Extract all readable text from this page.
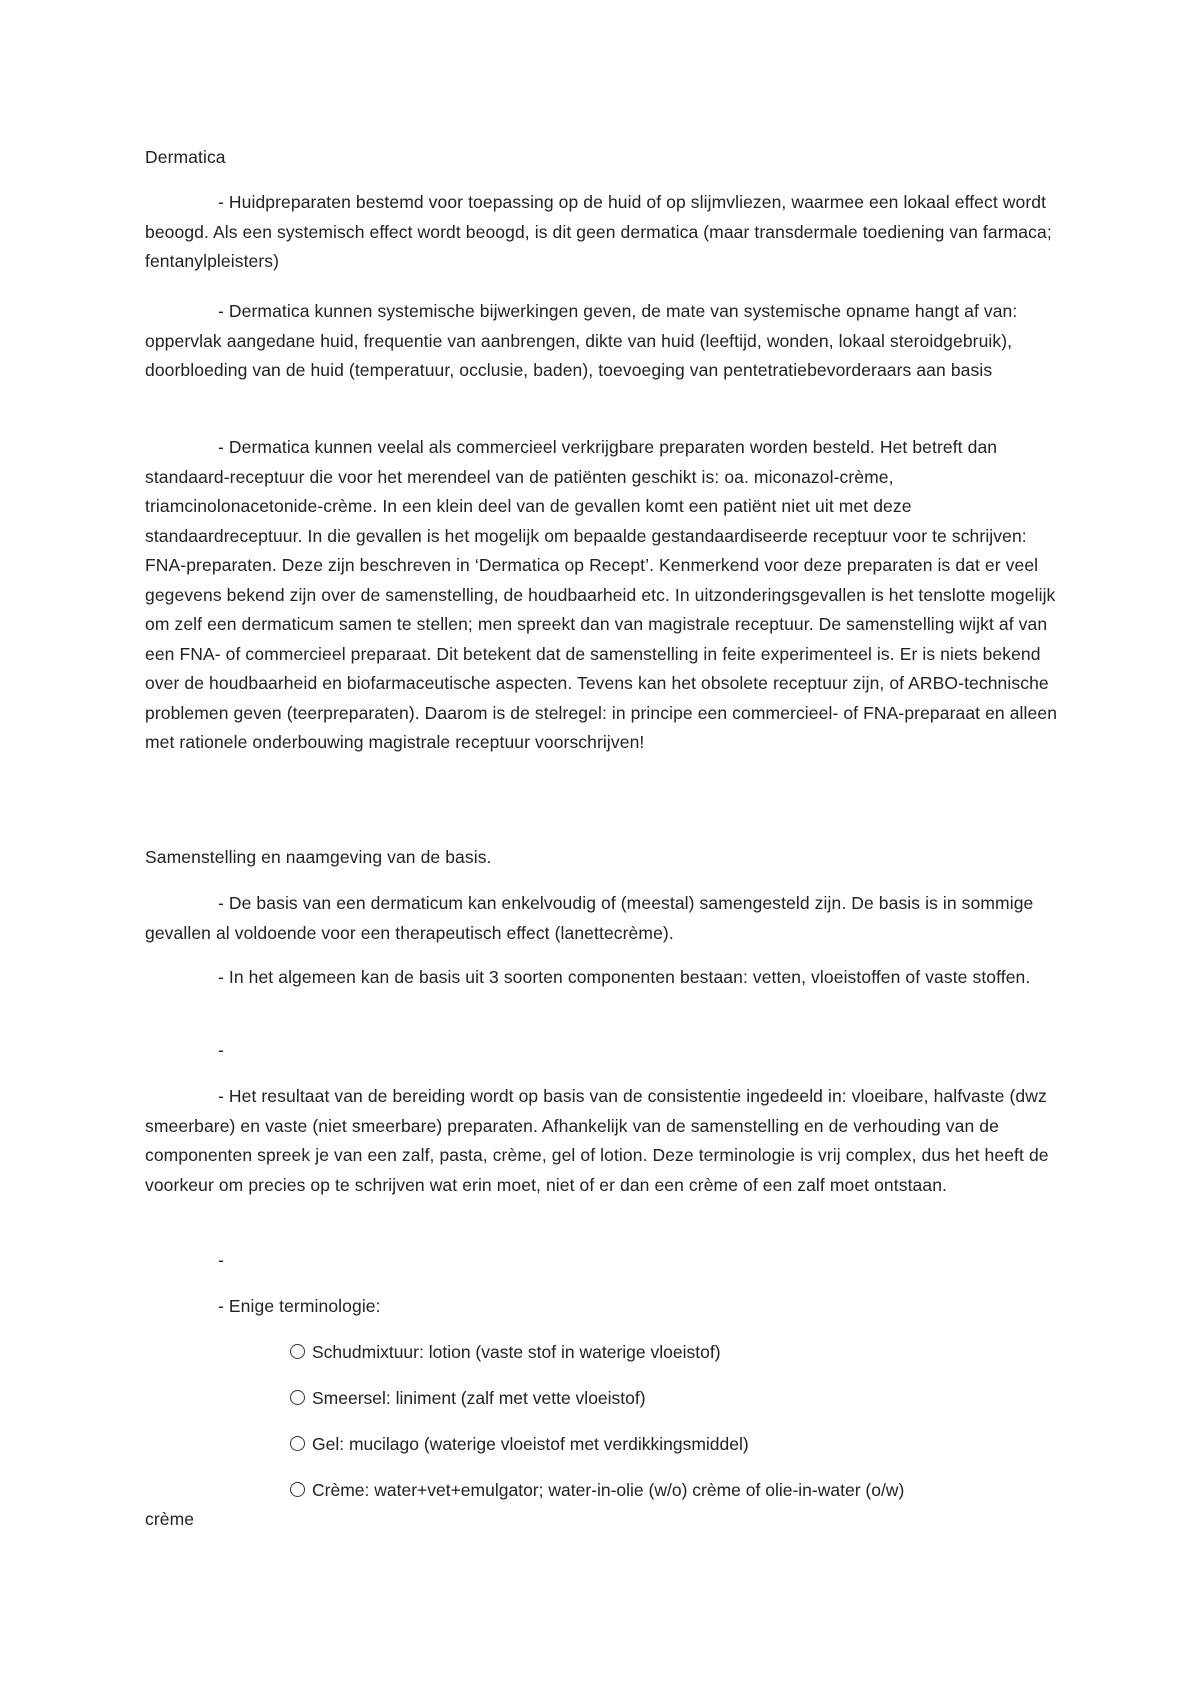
Dermatica

- Huidpreparaten bestemd voor toepassing op de huid of op slijmvliezen, waarmee een lokaal effect wordt beoogd. Als een systemisch effect wordt beoogd, is dit geen dermatica (maar transdermale toediening van farmaca; fentanylpleisters)

- Dermatica kunnen systemische bijwerkingen geven, de mate van systemische opname hangt af van: oppervlak aangedane huid, frequentie van aanbrengen, dikte van huid (leeftijd, wonden, lokaal steroidgebruik), doorbloeding van de huid (temperatuur, occlusie, baden), toevoeging van pentetratiebevorderaars aan basis

- Dermatica kunnen veelal als commercieel verkrijgbare preparaten worden besteld. Het betreft dan standaard-receptuur die voor het merendeel van de patiënten geschikt is: oa. miconazol-crème, triamcinolonacetonide-crème. In een klein deel van de gevallen komt een patiënt niet uit met deze standaardreceptuur. In die gevallen is het mogelijk om bepaalde gestandaardiseerde receptuur voor te schrijven: FNA-preparaten. Deze zijn beschreven in ‘Dermatica op Recept’. Kenmerkend voor deze preparaten is dat er veel gegevens bekend zijn over de samenstelling, de houdbaarheid etc. In uitzonderingsgevallen is het tenslotte mogelijk om zelf een dermaticum samen te stellen; men spreekt dan van magistrale receptuur. De samenstelling wijkt af van een FNA- of commercieel preparaat. Dit betekent dat de samenstelling in feite experimenteel is. Er is niets bekend over de houdbaarheid en biofarmaceutische aspecten. Tevens kan het obsolete receptuur zijn, of ARBO-technische problemen geven (teerpreparaten). Daarom is de stelregel: in principe een commercieel- of FNA-preparaat en alleen met rationele onderbouwing magistrale receptuur voorschrijven!

Samenstelling en naamgeving van de basis.

- De basis van een dermaticum kan enkelvoudig of (meestal) samengesteld zijn. De basis is in sommige gevallen al voldoende voor een therapeutisch effect (lanettecrème).

- In het algemeen kan de basis uit 3 soorten componenten bestaan: vetten, vloeistoffen of vaste stoffen.

-

- Het resultaat van de bereiding wordt op basis van de consistentie ingedeeld in: vloeibare, halfvaste (dwz smeerbare) en vaste (niet smeerbare) preparaten. Afhankelijk van de samenstelling en de verhouding van de componenten spreek je van een zalf, pasta, crème, gel of lotion. Deze terminologie is vrij complex, dus het heeft de voorkeur om precies op te schrijven wat erin moet, niet of er dan een crème of een zalf moet ontstaan.

-

- Enige terminologie:

Schudmixtuur: lotion (vaste stof in waterige vloeistof)

Smeersel: liniment (zalf met vette vloeistof)

Gel: mucilago (waterige vloeistof met verdikkingsmiddel)

Crème: water+vet+emulgator; water-in-olie (w/o) crème of olie-in-water (o/w)

crème
